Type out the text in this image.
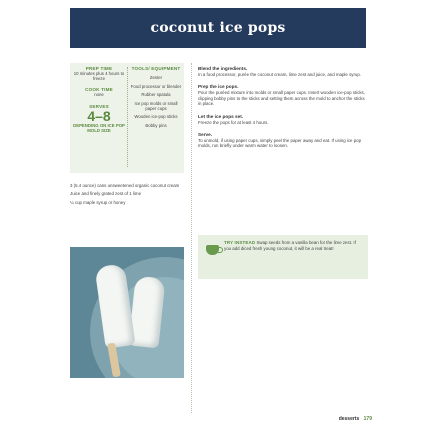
coconut ice pops
PREP TIME
10 minutes plus 4 hours to freeze
COOK TIME
none
SERVES
4–8
DEPENDING ON ICE POP MOLD SIZE
TOOLS/ EQUIPMENT
Zester
Food processor or blender
Rubber spatula
Ice pop molds or small paper cups
Wooden ice-pop sticks
Bobby pins
3 (5.4 ounce) cans unsweetened organic coconut cream
Juice and finely grated zest of 1 lime
¼ cup maple syrup or honey
Blend the ingredients.
In a food processor, purée the coconut cream, lime zest and juice, and maple syrup.
Prep the ice pops.
Pour the puréed mixture into molds or small paper cups. Insert wooden ice-pop sticks, clipping bobby pins to the sticks and setting them across the mold to anchor the sticks in place.
Let the ice pops set.
Freeze the pops for at least 4 hours.
Serve.
To unmold, if using paper cups, simply peel the paper away and eat. If using ice pop molds, run briefly under warm water to loosen.
TRY INSTEAD Swap seeds from a vanilla bean for the lime zest. If you add diced fresh young coconut, it will be a real treat!
desserts 179
